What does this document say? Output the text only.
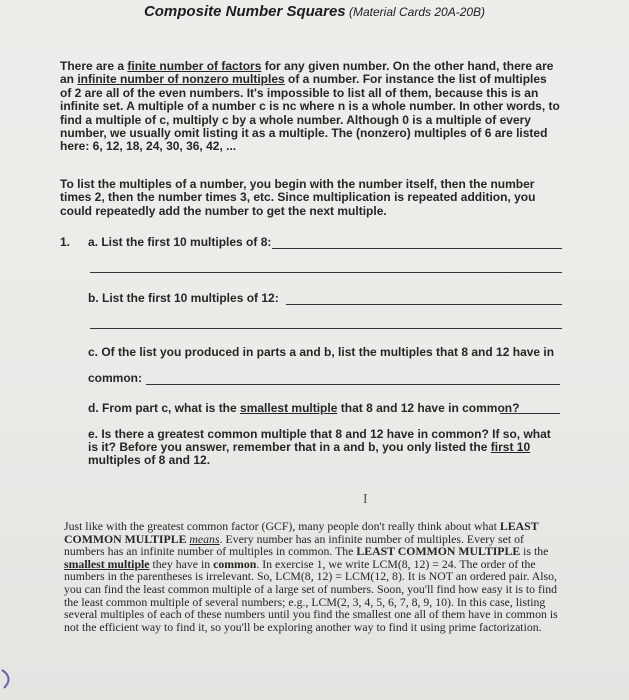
Composite Number Squares (Material Cards 20A-20B)
There are a finite number of factors for any given number. On the other hand, there are an infinite number of nonzero multiples of a number. For instance the list of multiples of 2 are all of the even numbers. It's impossible to list all of them, because this is an infinite set. A multiple of a number c is nc where n is a whole number. In other words, to find a multiple of c, multiply c by a whole number. Although 0 is a multiple of every number, we usually omit listing it as a multiple. The (nonzero) multiples of 6 are listed here: 6, 12, 18, 24, 30, 36, 42, ...
To list the multiples of a number, you begin with the number itself, then the number times 2, then the number times 3, etc. Since multiplication is repeated addition, you could repeatedly add the number to get the next multiple.
1. a. List the first 10 multiples of 8:
b. List the first 10 multiples of 12:
c. Of the list you produced in parts a and b, list the multiples that 8 and 12 have in
common:
d. From part c, what is the smallest multiple that 8 and 12 have in common?
e. Is there a greatest common multiple that 8 and 12 have in common? If so, what is it? Before you answer, remember that in a and b, you only listed the first 10 multiples of 8 and 12.
I
Just like with the greatest common factor (GCF), many people don't really think about what LEAST COMMON MULTIPLE means. Every number has an infinite number of multiples. Every set of numbers has an infinite number of multiples in common. The LEAST COMMON MULTIPLE is the smallest multiple they have in common. In exercise 1, we write LCM(8, 12) = 24. The order of the numbers in the parentheses is irrelevant. So, LCM(8, 12) = LCM(12, 8). It is NOT an ordered pair. Also, you can find the least common multiple of a large set of numbers. Soon, you'll find how easy it is to find the least common multiple of several numbers; e.g., LCM(2, 3, 4, 5, 6, 7, 8, 9, 10). In this case, listing several multiples of each of these numbers until you find the smallest one all of them have in common is not the efficient way to find it, so you'll be exploring another way to find it using prime factorization.
